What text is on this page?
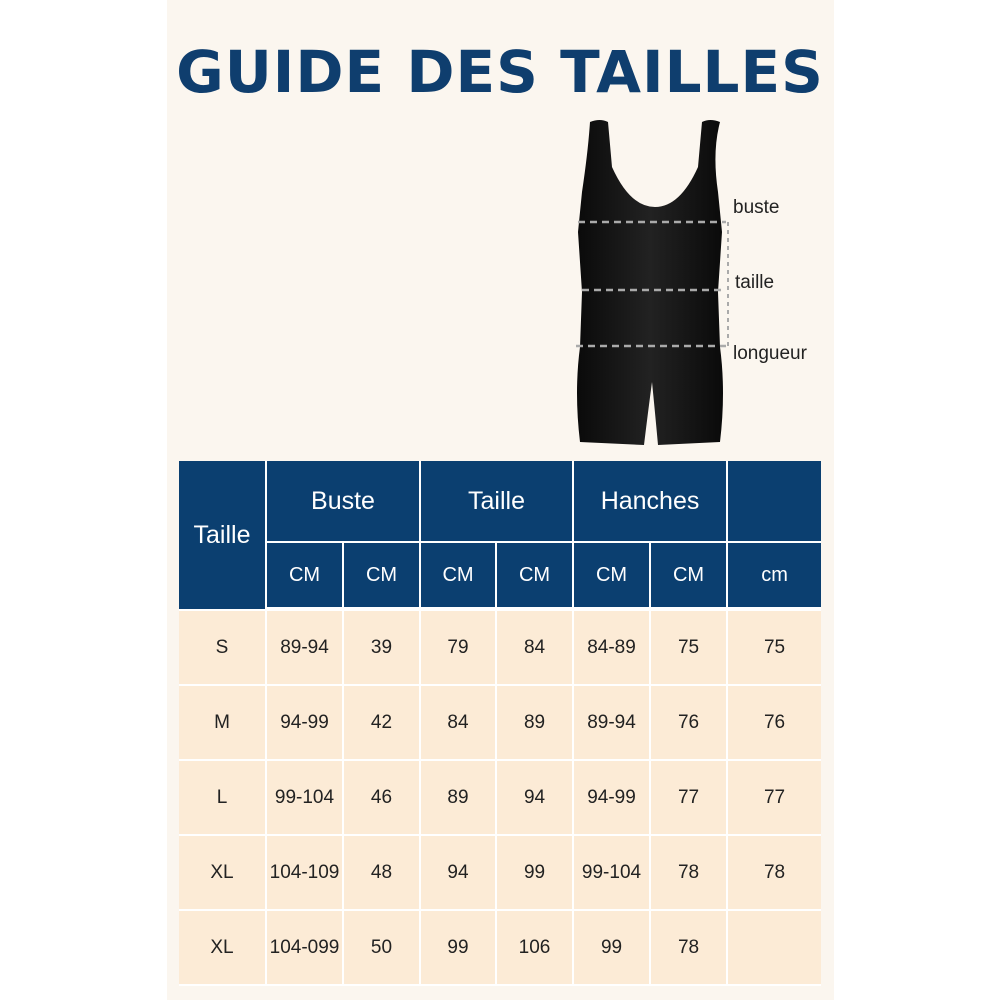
GUIDE DES TAILLES
buste
taille
longueur
Taille	Buste		Taille		Hanches		
	CM	CM	CM	CM	CM	CM	cm
S	89-94	39	79	84	84-89	75	75
M	94-99	42	84	89	89-94	76	76
L	99-104	46	89	94	94-99	77	77
XL	104-109	48	94	99	99-104	78	78
XL	104-099	50	99	106	99	78	
